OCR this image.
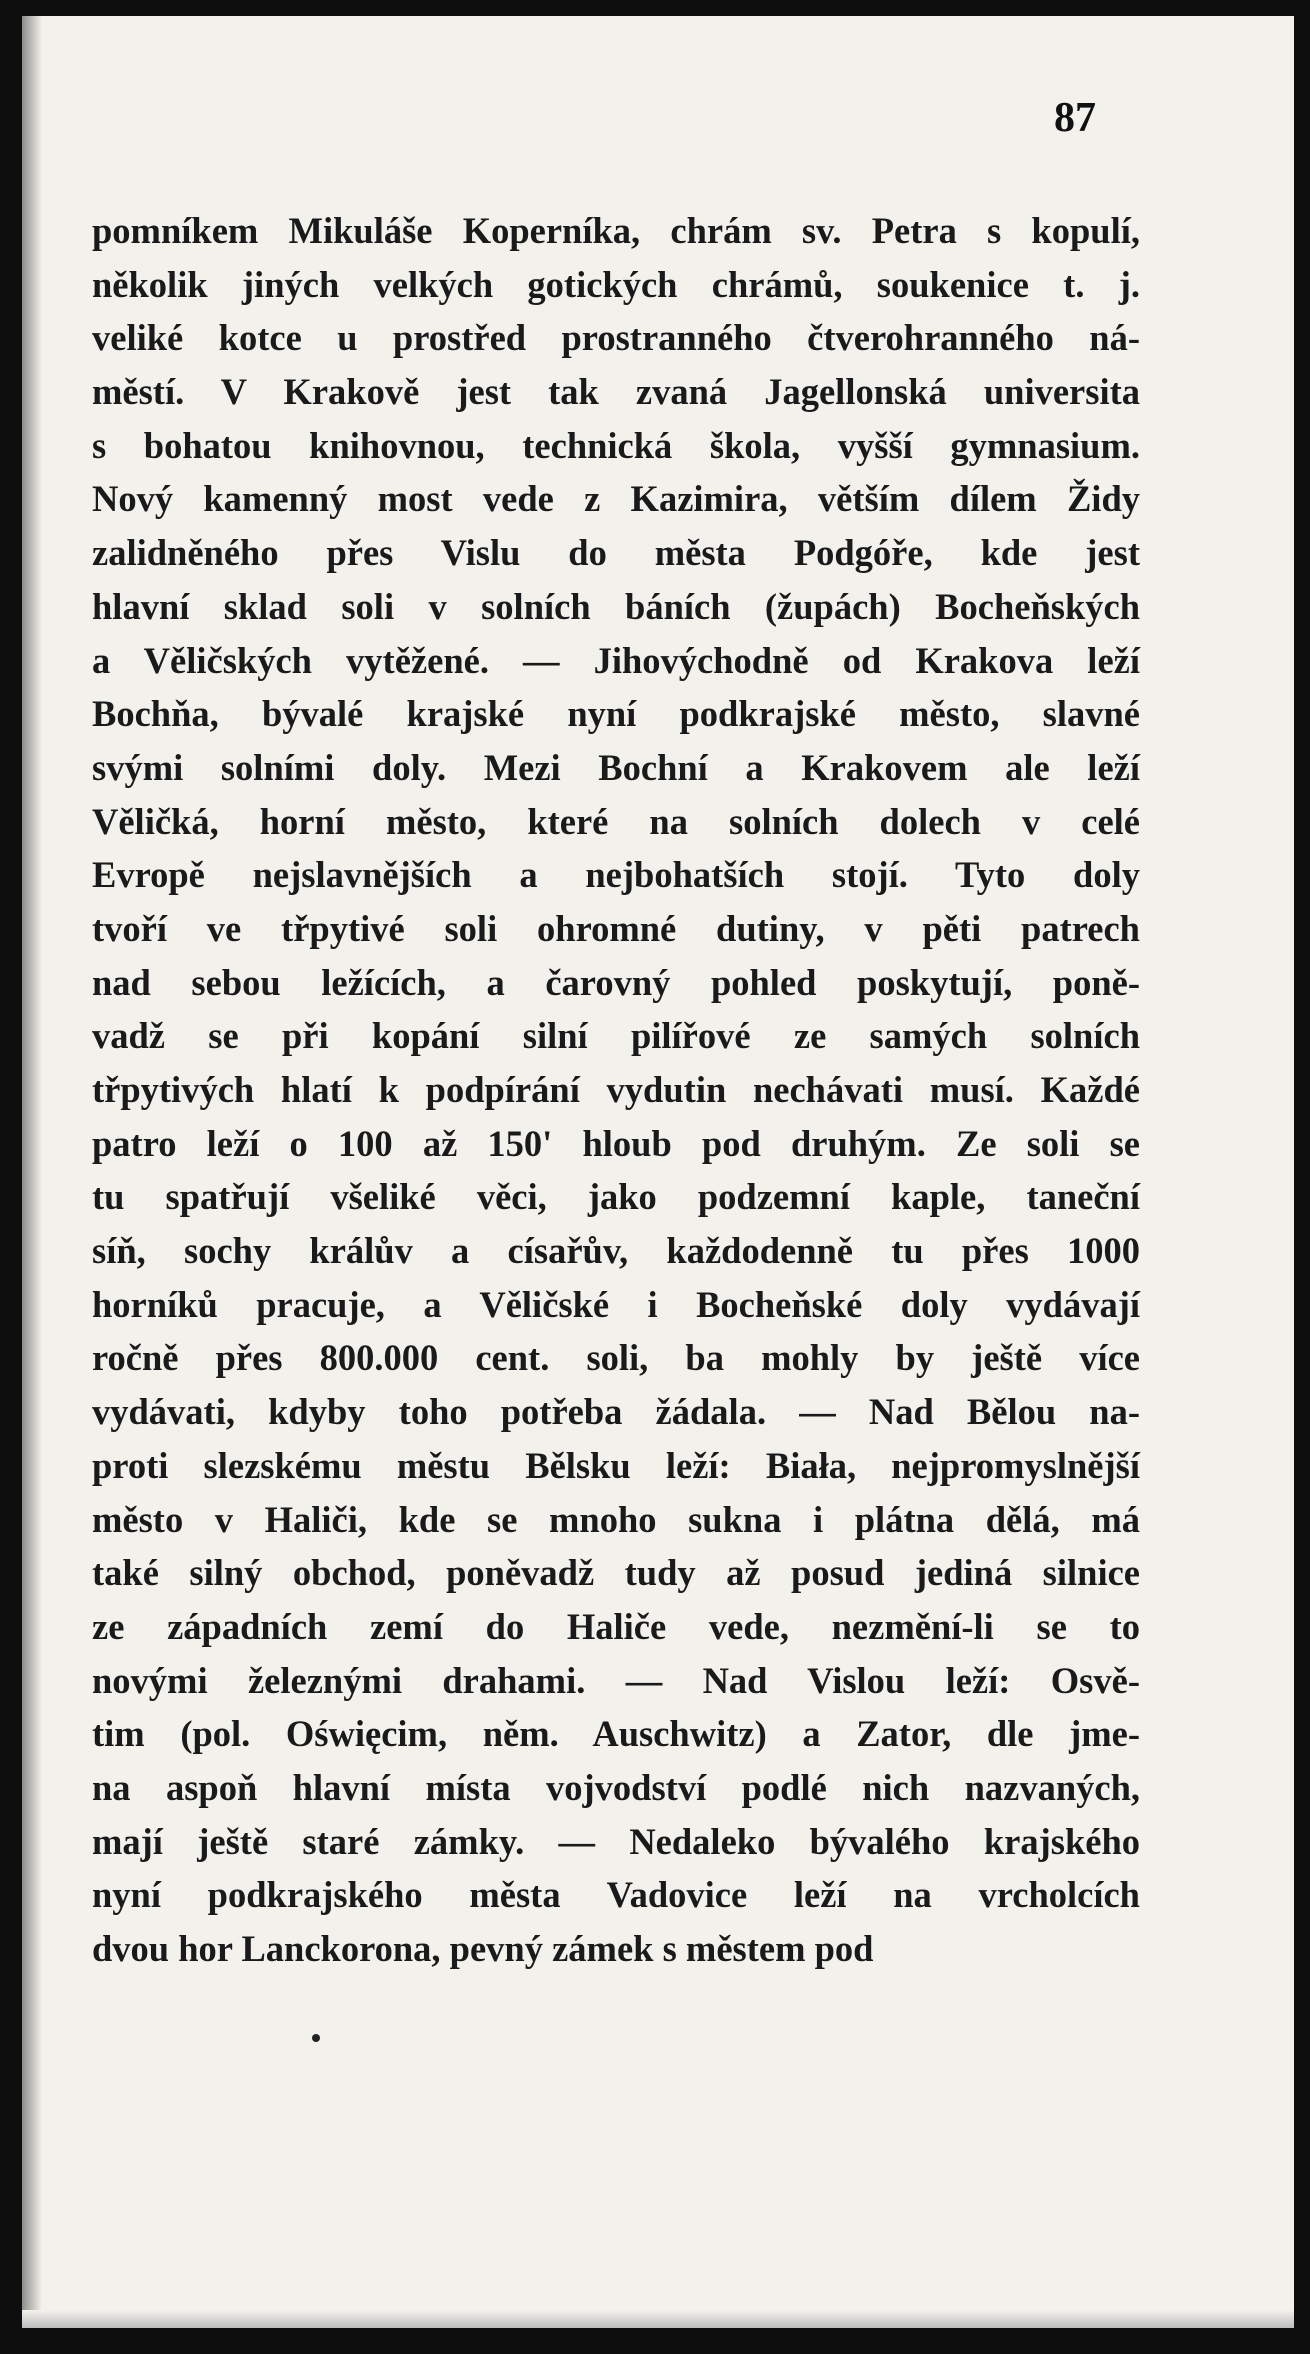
87
pomníkem Mikuláše Koperníka, chrám sv. Petra s kopulí,
několik jiných velkých gotických chrámů, soukenice t. j.
veliké kotce u prostřed prostranného čtverohranného ná-
městí. V Krakově jest tak zvaná Jagellonská universita
s bohatou knihovnou, technická škola, vyšší gymnasium.
Nový kamenný most vede z Kazimira, větším dílem Židy
zalidněného přes Vislu do města Podgóře, kde jest
hlavní sklad soli v solních báních (župách) Bocheňských
a Věličských vytěžené. — Jihovýchodně od Krakova leží
Bochňa, bývalé krajské nyní podkrajské město, slavné
svými solními doly. Mezi Bochní a Krakovem ale leží
Věličká, horní město, které na solních dolech v celé
Evropě nejslavnějších a nejbohatších stojí. Tyto doly
tvoří ve třpytivé soli ohromné dutiny, v pěti patrech
nad sebou ležících, a čarovný pohled poskytují, poně-
vadž se při kopání silní pilířové ze samých solních
třpytivých hlatí k podpírání vydutin nechávati musí. Každé
patro leží o 100 až 150' hloub pod druhým. Ze soli se
tu spatřují všeliké věci, jako podzemní kaple, taneční
síň, sochy králův a císařův, každodenně tu přes 1000
horníků pracuje, a Věličské i Bocheňské doly vydávají
ročně přes 800.000 cent. soli, ba mohly by ještě více
vydávati, kdyby toho potřeba žádala. — Nad Bělou na-
proti slezskému městu Bělsku leží: Biała, nejpromyslnější
město v Haliči, kde se mnoho sukna i plátna dělá, má
také silný obchod, poněvadž tudy až posud jediná silnice
ze západních zemí do Haliče vede, nezmění-li se to
novými železnými drahami. — Nad Vislou leží: Osvě-
tim (pol. Oświęcim, něm. Auschwitz) a Zator, dle jme-
na aspoň hlavní místa vojvodství podlé nich nazvaných,
mají ještě staré zámky. — Nedaleko bývalého krajského
nyní podkrajského města Vadovice leží na vrcholcích
dvou hor Lanckorona, pevný zámek s městem pod
